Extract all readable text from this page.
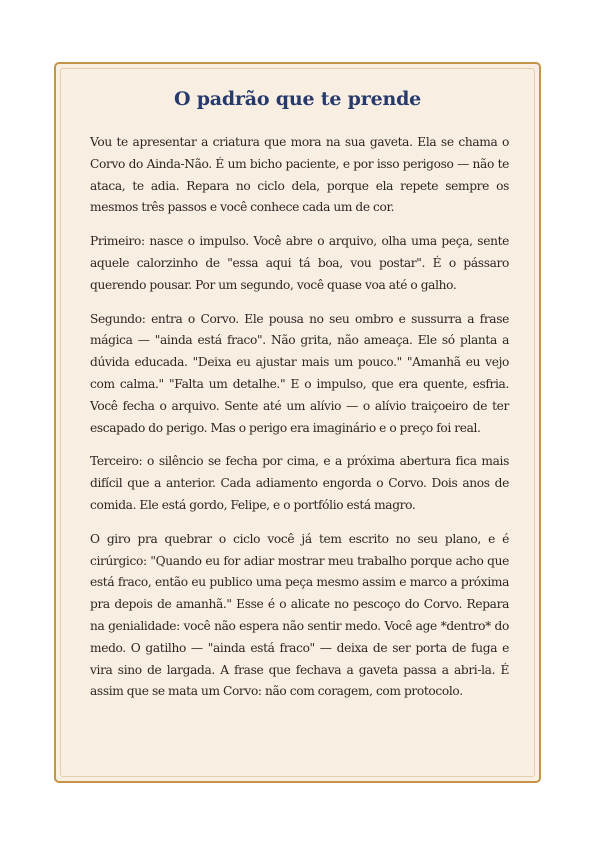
O padrão que te prende

Vou te apresentar a criatura que mora na sua gaveta. Ela se chama o Corvo do Ainda-Não. É um bicho paciente, e por isso perigoso — não te ataca, te adia. Repara no ciclo dela, porque ela repete sempre os mesmos três passos e você conhece cada um de cor.

Primeiro: nasce o impulso. Você abre o arquivo, olha uma peça, sente aquele calorzinho de "essa aqui tá boa, vou postar". É o pássaro querendo pousar. Por um segundo, você quase voa até o galho.

Segundo: entra o Corvo. Ele pousa no seu ombro e sussurra a frase mágica — "ainda está fraco". Não grita, não ameaça. Ele só planta a dúvida educada. "Deixa eu ajustar mais um pouco." "Amanhã eu vejo com calma." "Falta um detalhe." E o impulso, que era quente, esfria. Você fecha o arquivo. Sente até um alívio — o alívio traiçoeiro de ter escapado do perigo. Mas o perigo era imaginário e o preço foi real.

Terceiro: o silêncio se fecha por cima, e a próxima abertura fica mais difícil que a anterior. Cada adiamento engorda o Corvo. Dois anos de comida. Ele está gordo, Felipe, e o portfólio está magro.

O giro pra quebrar o ciclo você já tem escrito no seu plano, e é cirúrgico: "Quando eu for adiar mostrar meu trabalho porque acho que está fraco, então eu publico uma peça mesmo assim e marco a próxima pra depois de amanhã." Esse é o alicate no pescoço do Corvo. Repara na genialidade: você não espera não sentir medo. Você age *dentro* do medo. O gatilho — "ainda está fraco" — deixa de ser porta de fuga e vira sino de largada. A frase que fechava a gaveta passa a abri-la. É assim que se mata um Corvo: não com coragem, com protocolo.
